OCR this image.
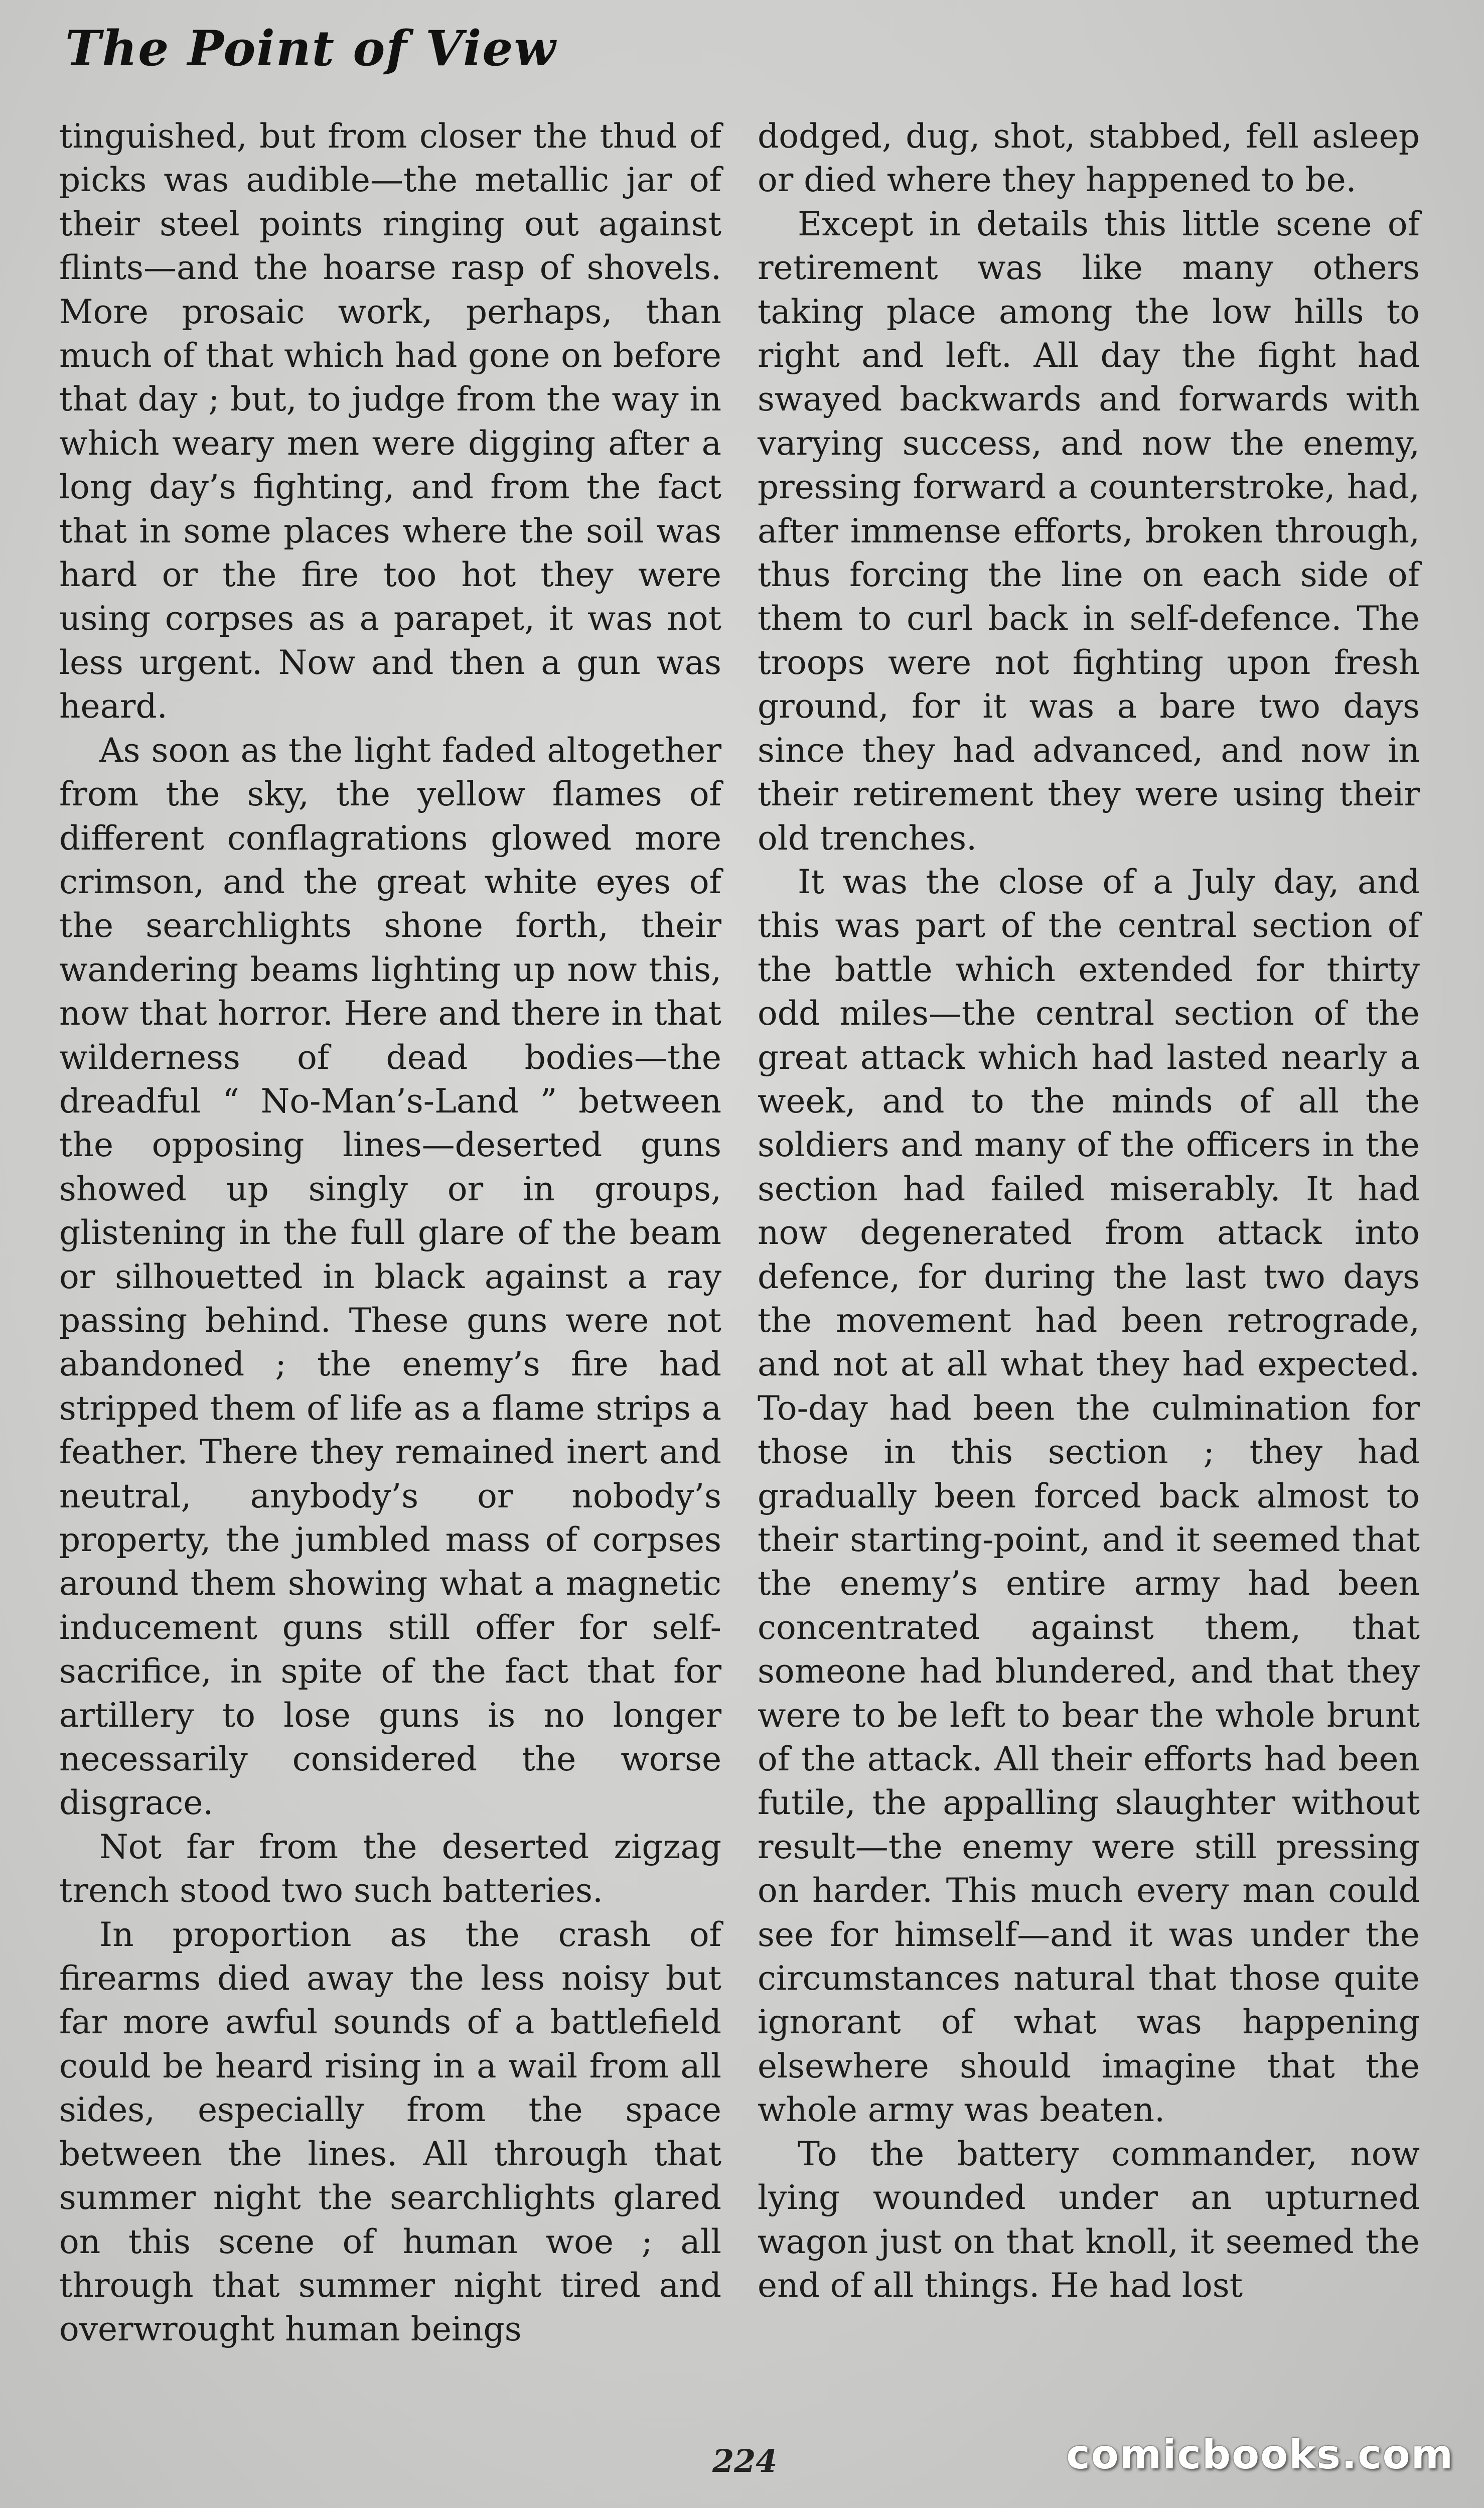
The Point of View

tinguished, but from closer the thud of picks was audible—the metallic jar of their steel points ringing out against flints—and the hoarse rasp of shovels. More prosaic work, perhaps, than much of that which had gone on before that day ; but, to judge from the way in which weary men were digging after a long day’s fighting, and from the fact that in some places where the soil was hard or the fire too hot they were using corpses as a parapet, it was not less urgent. Now and then a gun was heard.

As soon as the light faded altogether from the sky, the yellow flames of different conflagrations glowed more crimson, and the great white eyes of the searchlights shone forth, their wandering beams lighting up now this, now that horror. Here and there in that wilderness of dead bodies—the dreadful “ No-Man’s-Land ” between the opposing lines—deserted guns showed up singly or in groups, glistening in the full glare of the beam or silhouetted in black against a ray passing behind. These guns were not abandoned ; the enemy’s fire had stripped them of life as a flame strips a feather. There they remained inert and neutral, anybody’s or nobody’s property, the jumbled mass of corpses around them showing what a magnetic inducement guns still offer for self-sacrifice, in spite of the fact that for artillery to lose guns is no longer necessarily considered the worse disgrace.

Not far from the deserted zigzag trench stood two such batteries.

In proportion as the crash of firearms died away the less noisy but far more awful sounds of a battlefield could be heard rising in a wail from all sides, especially from the space between the lines. All through that summer night the searchlights glared on this scene of human woe ; all through that summer night tired and overwrought human beings

dodged, dug, shot, stabbed, fell asleep or died where they happened to be.

Except in details this little scene of retirement was like many others taking place among the low hills to right and left. All day the fight had swayed backwards and forwards with varying success, and now the enemy, pressing forward a counterstroke, had, after immense efforts, broken through, thus forcing the line on each side of them to curl back in self-defence. The troops were not fighting upon fresh ground, for it was a bare two days since they had advanced, and now in their retirement they were using their old trenches.

It was the close of a July day, and this was part of the central section of the battle which extended for thirty odd miles—the central section of the great attack which had lasted nearly a week, and to the minds of all the soldiers and many of the officers in the section had failed miserably. It had now degenerated from attack into defence, for during the last two days the movement had been retrograde, and not at all what they had expected. To-day had been the culmination for those in this section ; they had gradually been forced back almost to their starting-point, and it seemed that the enemy’s entire army had been concentrated against them, that someone had blundered, and that they were to be left to bear the whole brunt of the attack. All their efforts had been futile, the appalling slaughter without result—the enemy were still pressing on harder. This much every man could see for himself—and it was under the circumstances natural that those quite ignorant of what was happening elsewhere should imagine that the whole army was beaten.

To the battery commander, now lying wounded under an upturned wagon just on that knoll, it seemed the end of all things. He had lost

224	comicbooks.com
